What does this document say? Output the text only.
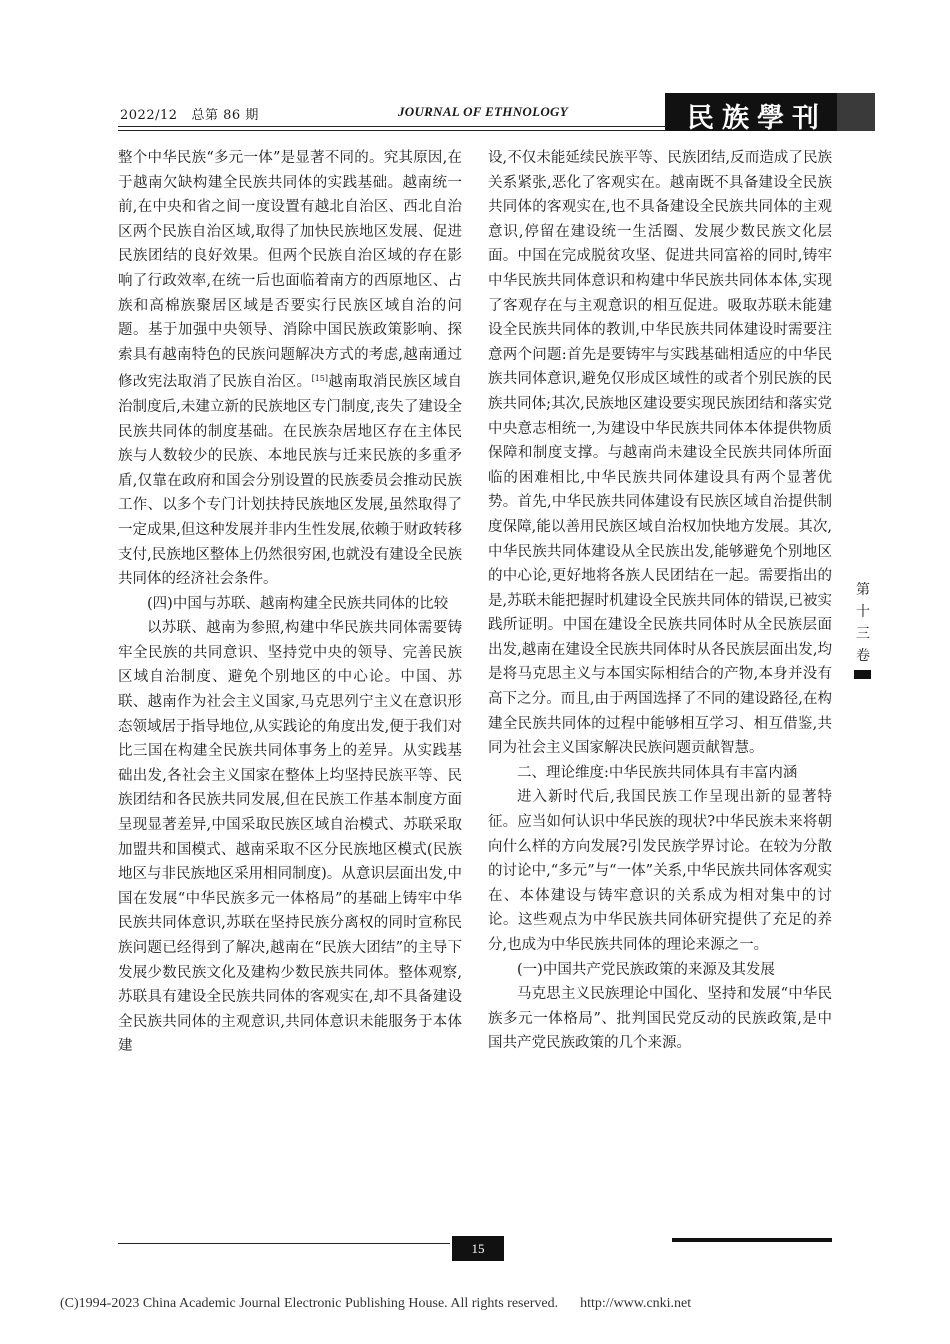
2022/12 总第 86 期	JOURNAL OF ETHNOLOGY	民族學刊

整个中华民族“多元一体”是显著不同的。究其原因,在于越南欠缺构建全民族共同体的实践基础。越南统一前,在中央和省之间一度设置有越北自治区、西北自治区两个民族自治区域,取得了加快民族地区发展、促进民族团结的良好效果。但两个民族自治区域的存在影响了行政效率,在统一后也面临着南方的西原地区、占族和高棉族聚居区域是否要实行民族区域自治的问题。基于加强中央领导、消除中国民族政策影响、探索具有越南特色的民族问题解决方式的考虑,越南通过修改宪法取消了民族自治区。[15]越南取消民族区域自治制度后,未建立新的民族地区专门制度,丧失了建设全民族共同体的制度基础。在民族杂居地区存在主体民族与人数较少的民族、本地民族与迁来民族的多重矛盾,仅靠在政府和国会分别设置的民族委员会推动民族工作、以多个专门计划扶持民族地区发展,虽然取得了一定成果,但这种发展并非内生性发展,依赖于财政转移支付,民族地区整体上仍然很穷困,也就没有建设全民族共同体的经济社会条件。

(四)中国与苏联、越南构建全民族共同体的比较

以苏联、越南为参照,构建中华民族共同体需要铸牢全民族的共同意识、坚持党中央的领导、完善民族区域自治制度、避免个别地区的中心论。中国、苏联、越南作为社会主义国家,马克思列宁主义在意识形态领域居于指导地位,从实践论的角度出发,便于我们对比三国在构建全民族共同体事务上的差异。从实践基础出发,各社会主义国家在整体上均坚持民族平等、民族团结和各民族共同发展,但在民族工作基本制度方面呈现显著差异,中国采取民族区域自治模式、苏联采取加盟共和国模式、越南采取不区分民族地区模式(民族地区与非民族地区采用相同制度)。从意识层面出发,中国在发展“中华民族多元一体格局”的基础上铸牢中华民族共同体意识,苏联在坚持民族分离权的同时宣称民族问题已经得到了解决,越南在“民族大团结”的主导下发展少数民族文化及建构少数民族共同体。整体观察,苏联具有建设全民族共同体的客观实在,却不具备建设全民族共同体的主观意识,共同体意识未能服务于本体建

设,不仅未能延续民族平等、民族团结,反而造成了民族关系紧张,恶化了客观实在。越南既不具备建设全民族共同体的客观实在,也不具备建设全民族共同体的主观意识,停留在建设统一生活圈、发展少数民族文化层面。中国在完成脱贫攻坚、促进共同富裕的同时,铸牢中华民族共同体意识和构建中华民族共同体本体,实现了客观存在与主观意识的相互促进。吸取苏联未能建设全民族共同体的教训,中华民族共同体建设时需要注意两个问题:首先是要铸牢与实践基础相适应的中华民族共同体意识,避免仅形成区域性的或者个别民族的民族共同体;其次,民族地区建设要实现民族团结和落实党中央意志相统一,为建设中华民族共同体本体提供物质保障和制度支撑。与越南尚未建设全民族共同体所面临的困难相比,中华民族共同体建设具有两个显著优势。首先,中华民族共同体建设有民族区域自治提供制度保障,能以善用民族区域自治权加快地方发展。其次,中华民族共同体建设从全民族出发,能够避免个别地区的中心论,更好地将各族人民团结在一起。需要指出的是,苏联未能把握时机建设全民族共同体的错误,已被实践所证明。中国在建设全民族共同体时从全民族层面出发,越南在建设全民族共同体时从各民族层面出发,均是将马克思主义与本国实际相结合的产物,本身并没有高下之分。而且,由于两国选择了不同的建设路径,在构建全民族共同体的过程中能够相互学习、相互借鉴,共同为社会主义国家解决民族问题贡献智慧。

二、理论维度:中华民族共同体具有丰富内涵

进入新时代后,我国民族工作呈现出新的显著特征。应当如何认识中华民族的现状?中华民族未来将朝向什么样的方向发展?引发民族学界讨论。在较为分散的讨论中,“多元”与“一体”关系,中华民族共同体客观实在、本体建设与铸牢意识的关系成为相对集中的讨论。这些观点为中华民族共同体研究提供了充足的养分,也成为中华民族共同体的理论来源之一。

(一)中国共产党民族政策的来源及其发展

马克思主义民族理论中国化、坚持和发展“中华民族多元一体格局”、批判国民党反动的民族政策,是中国共产党民族政策的几个来源。

第
十
三
卷
15
(C)1994-2023 China Academic Journal Electronic Publishing House. All rights reserved. http://www.cnki.net
